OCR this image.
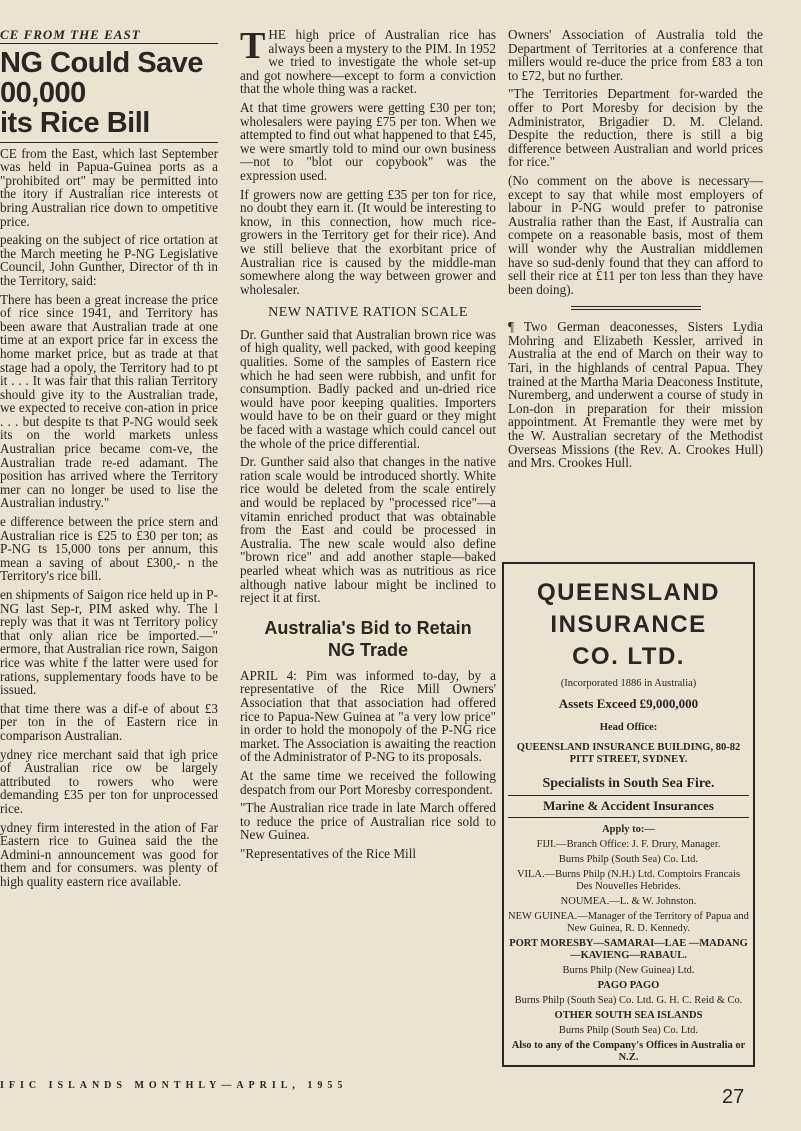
CE FROM THE EAST
NG Could Save
00,000
its Rice Bill

CE from the East, which last September was held in Papua-Guinea ports as a "prohibited ort" may be permitted into the itory if Australian rice interests ot bring Australian rice down to ompetitive price.

peaking on the subject of rice ortation at the March meeting he P-NG Legislative Council, John Gunther, Director of th in the Territory, said:

There has been a great increase the price of rice since 1941, and Territory has been aware that Australian trade at one time at an export price far in excess the home market price, but as trade at that stage had a opoly, the Territory had to pt it . . . It was fair that this ralian Territory should give ity to the Australian trade, we expected to receive con-ation in price . . . but despite ts that P-NG would seek its on the world markets unless Australian price became com-ve, the Australian trade re-ed adamant. The position has arrived where the Territory mer can no longer be used to lise the Australian industry."

e difference between the price stern and Australian rice is £25 to £30 per ton; as P-NG ts 15,000 tons per annum, this mean a saving of about £300,- n the Territory's rice bill.

en shipments of Saigon rice held up in P-NG last Sep-r, PIM asked why. The l reply was that it was nt Territory policy that only alian rice be imported.—" ermore, that Australian rice rown, Saigon rice was white f the latter were used for rations, supplementary foods have to be issued.

that time there was a dif-e of about £3 per ton in the of Eastern rice in comparison Australian.

ydney rice merchant said that igh price of Australian rice ow be largely attributed to rowers who were demanding £35 per ton for unprocessed rice.

ydney firm interested in the ation of Far Eastern rice to Guinea said the the Admini-n announcement was good for them and for consumers. was plenty of high quality eastern rice available.

THE high price of Australian rice has always been a mystery to the PIM. In 1952 we tried to investigate the whole set-up and got nowhere—except to form a conviction that the whole thing was a racket.

At that time growers were getting £30 per ton; wholesalers were paying £75 per ton. When we attempted to find out what happened to that £45, we were smartly told to mind our own business—not to "blot our copybook" was the expression used.

If growers now are getting £35 per ton for rice, no doubt they earn it. (It would be interesting to know, in this connection, how much rice-growers in the Territory get for their rice). And we still believe that the exorbitant price of Australian rice is caused by the middle-man somewhere along the way between grower and wholesaler.

NEW NATIVE RATION SCALE

Dr. Gunther said that Australian brown rice was of high quality, well packed, with good keeping qualities. Some of the samples of Eastern rice which he had seen were rubbish, and unfit for consumption. Badly packed and un-dried rice would have poor keeping qualities. Importers would have to be on their guard or they might be faced with a wastage which could cancel out the whole of the price differential.

Dr. Gunther said also that changes in the native ration scale would be introduced shortly. White rice would be deleted from the scale entirely and would be replaced by "processed rice"—a vitamin enriched product that was obtainable from the East and could be processed in Australia. The new scale would also define "brown rice" and add another staple—baked pearled wheat which was as nutritious as rice although native labour might be inclined to reject it at first.

Australia's Bid to Retain
NG Trade

APRIL 4: Pim was informed to-day, by a representative of the Rice Mill Owners' Association that that association had offered rice to Papua-New Guinea at "a very low price" in order to hold the monopoly of the P-NG rice market. The Association is awaiting the reaction of the Administrator of P-NG to its proposals.

At the same time we received the following despatch from our Port Moresby correspondent.

"The Australian rice trade in late March offered to reduce the price of Australian rice sold to New Guinea.

"Representatives of the Rice Mill

Owners' Association of Australia told the Department of Territories at a conference that millers would re-duce the price from £83 a ton to £72, but no further.

"The Territories Department for-warded the offer to Port Moresby for decision by the Administrator, Brigadier D. M. Cleland. Despite the reduction, there is still a big difference between Australian and world prices for rice."

(No comment on the above is necessary—except to say that while most employers of labour in P-NG would prefer to patronise Australia rather than the East, if Australia can compete on a reasonable basis, most of them will wonder why the Australian middlemen have so sud-denly found that they can afford to sell their rice at £11 per ton less than they have been doing).

¶ Two German deaconesses, Sisters Lydia Mohring and Elizabeth Kessler, arrived in Australia at the end of March on their way to Tari, in the highlands of central Papua. They trained at the Martha Maria Deaconess Institute, Nuremberg, and underwent a course of study in Lon-don in preparation for their mission appointment. At Fremantle they were met by the W. Australian secretary of the Methodist Overseas Missions (the Rev. A. Crookes Hull) and Mrs. Crookes Hull.

QUEENSLAND
INSURANCE
CO. LTD.
(Incorporated 1886 in Australia)
Assets Exceed £9,000,000
Head Office:
QUEENSLAND INSURANCE BUILDING, 80-82 PITT STREET, SYDNEY.
Specialists in South Sea Fire.
Marine & Accident Insurances
Apply to:—
FIJI.—Branch Office: J. F. Drury, Manager.
Burns Philp (South Sea) Co. Ltd.
VILA.—Burns Philp (N.H.) Ltd. Comptoirs Francais Des Nouvelles Hebrides.
NOUMEA.—L. & W. Johnston.
NEW GUINEA.—Manager of the Territory of Papua and New Guinea, R. D. Kennedy.
PORT MORESBY—SAMARAI—LAE —MADANG—KAVIENG—RABAUL.
Burns Philp (New Guinea) Ltd.
PAGO PAGO
Burns Philp (South Sea) Co. Ltd. G. H. C. Reid & Co.
OTHER SOUTH SEA ISLANDS
Burns Philp (South Sea) Co. Ltd.
Also to any of the Company's Offices in Australia or N.Z.
IFIC ISLANDS MONTHLY—APRIL, 1955
27
